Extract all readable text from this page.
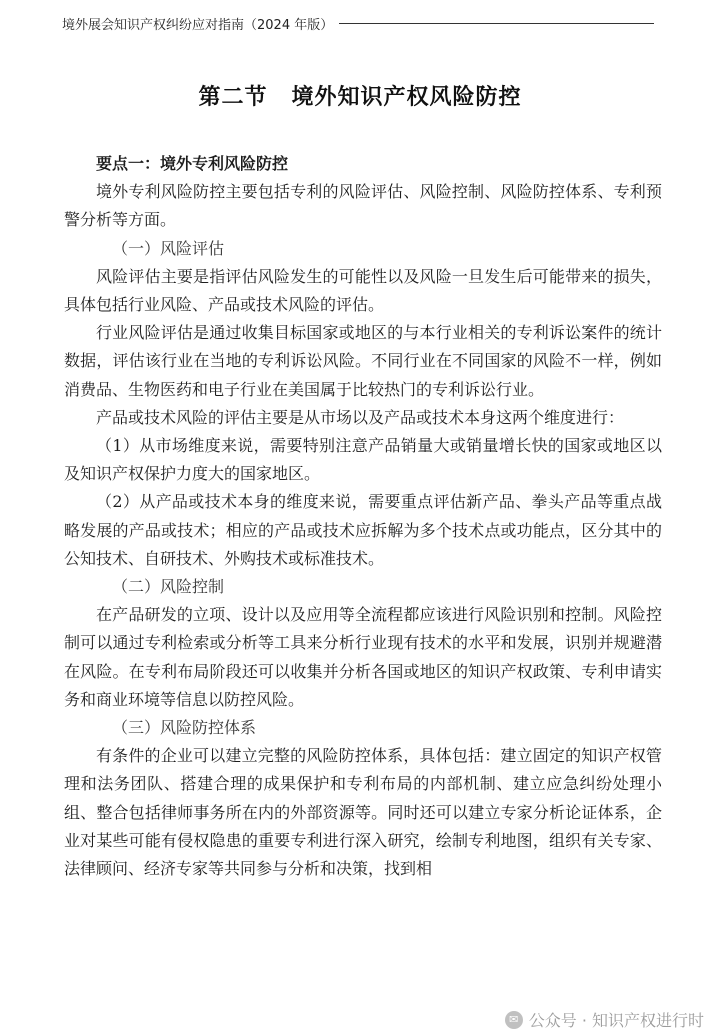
境外展会知识产权纠纷应对指南（2024 年版）
第二节 境外知识产权风险防控

要点一：境外专利风险防控

境外专利风险防控主要包括专利的风险评估、风险控制、风险防控体系、专利预警分析等方面。

（一）风险评估

风险评估主要是指评估风险发生的可能性以及风险一旦发生后可能带来的损失，具体包括行业风险、产品或技术风险的评估。

行业风险评估是通过收集目标国家或地区的与本行业相关的专利诉讼案件的统计数据，评估该行业在当地的专利诉讼风险。不同行业在不同国家的风险不一样，例如消费品、生物医药和电子行业在美国属于比较热门的专利诉讼行业。

产品或技术风险的评估主要是从市场以及产品或技术本身这两个维度进行：

（1）从市场维度来说，需要特别注意产品销量大或销量增长快的国家或地区以及知识产权保护力度大的国家地区。

（2）从产品或技术本身的维度来说，需要重点评估新产品、拳头产品等重点战略发展的产品或技术；相应的产品或技术应拆解为多个技术点或功能点，区分其中的公知技术、自研技术、外购技术或标准技术。

（二）风险控制

在产品研发的立项、设计以及应用等全流程都应该进行风险识别和控制。风险控制可以通过专利检索或分析等工具来分析行业现有技术的水平和发展，识别并规避潜在风险。在专利布局阶段还可以收集并分析各国或地区的知识产权政策、专利申请实务和商业环境等信息以防控风险。

（三）风险防控体系

有条件的企业可以建立完整的风险防控体系，具体包括：建立固定的知识产权管理和法务团队、搭建合理的成果保护和专利布局的内部机制、建立应急纠纷处理小组、整合包括律师事务所在内的外部资源等。同时还可以建立专家分析论证体系，企业对某些可能有侵权隐患的重要专利进行深入研究，绘制专利地图，组织有关专家、法律顾问、经济专家等共同参与分析和决策，找到相

✉ 公众号 · 知识产权进行时
